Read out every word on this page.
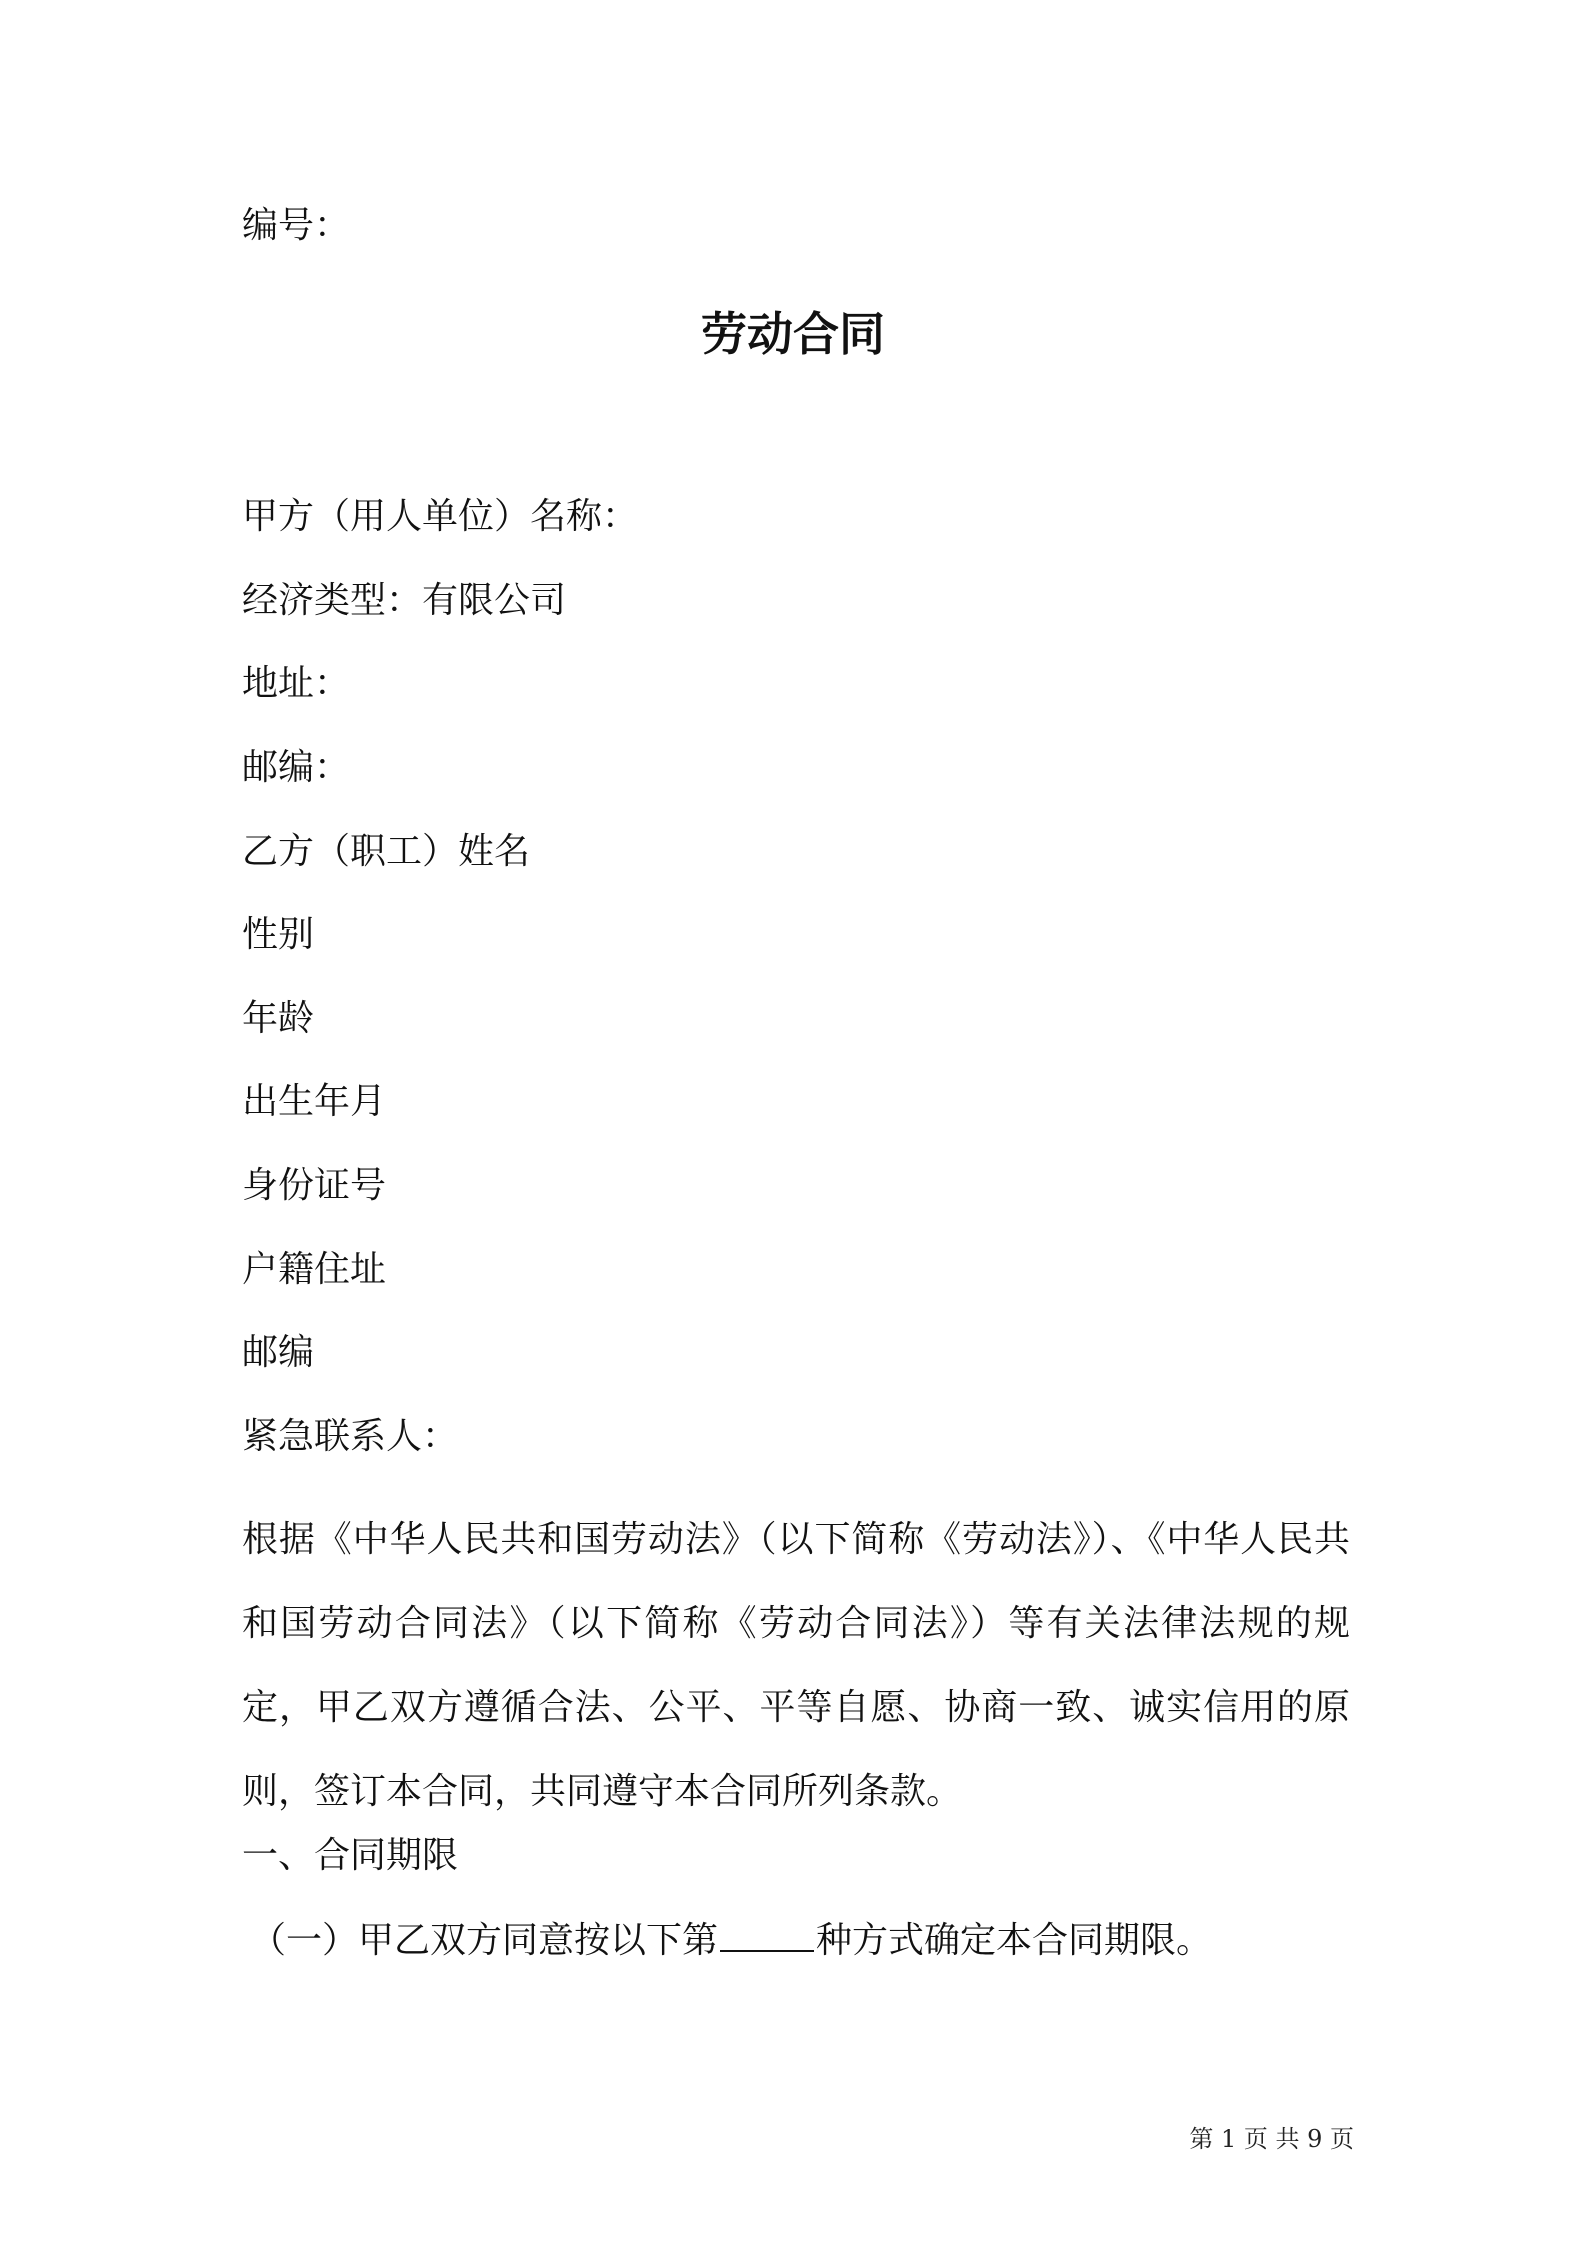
编号：
劳动合同
甲方（用人单位）名称：
经济类型：有限公司
地址：
邮编：
乙方（职工）姓名
性别
年龄
出生年月
身份证号
户籍住址
邮编
紧急联系人：
根据《中华人民共和国劳动法》（以下简称《劳动法》）、《中华人民共和国劳动合同法》（以下简称《劳动合同法》）等有关法律法规的规定，甲乙双方遵循合法、公平、平等自愿、协商一致、诚实信用的原则，签订本合同，共同遵守本合同所列条款。
一、合同期限
（一）甲乙双方同意按以下第	种方式确定本合同期限。
第 1 页 共 9 页
